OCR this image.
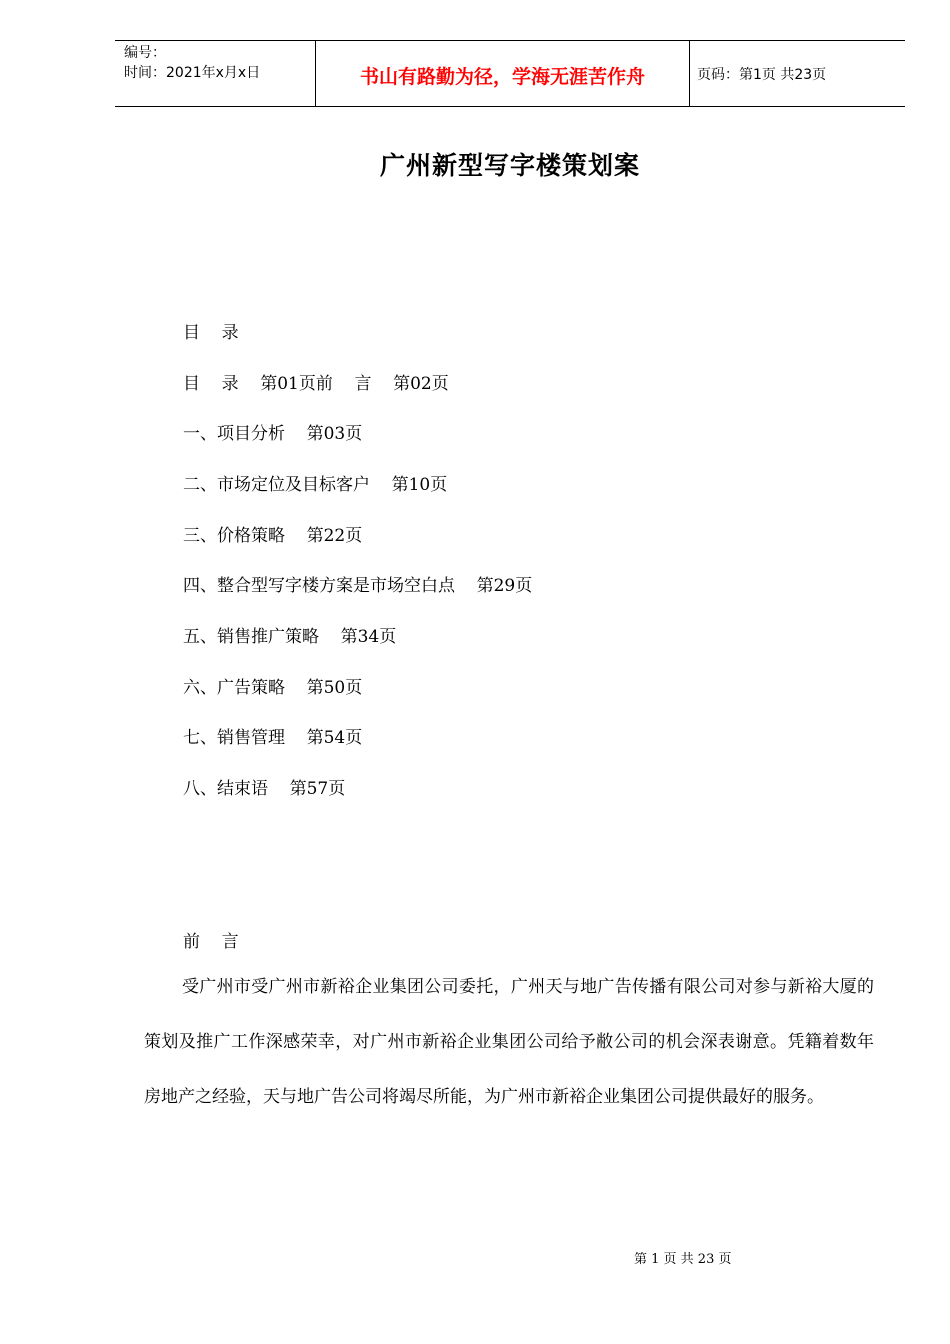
编号：
时间：2021年x月x日	书山有路勤为径，学海无涯苦作舟	页码：第1页 共23页
广州新型写字楼策划案
目    录
目    录    第01页前    言    第02页
一、项目分析    第03页
二、市场定位及目标客户    第10页
三、价格策略    第22页
四、整合型写字楼方案是市场空白点    第29页
五、销售推广策略    第34页
六、广告策略    第50页
七、销售管理    第54页
八、结束语    第57页
前    言
受广州市受广州市新裕企业集团公司委托，广州天与地广告传播有限公司对参与新裕大厦的策划及推广工作深感荣幸，对广州市新裕企业集团公司给予敝公司的机会深表谢意。凭籍着数年房地产之经验，天与地广告公司将竭尽所能，为广州市新裕企业集团公司提供最好的服务。
第 1 页 共 23 页
